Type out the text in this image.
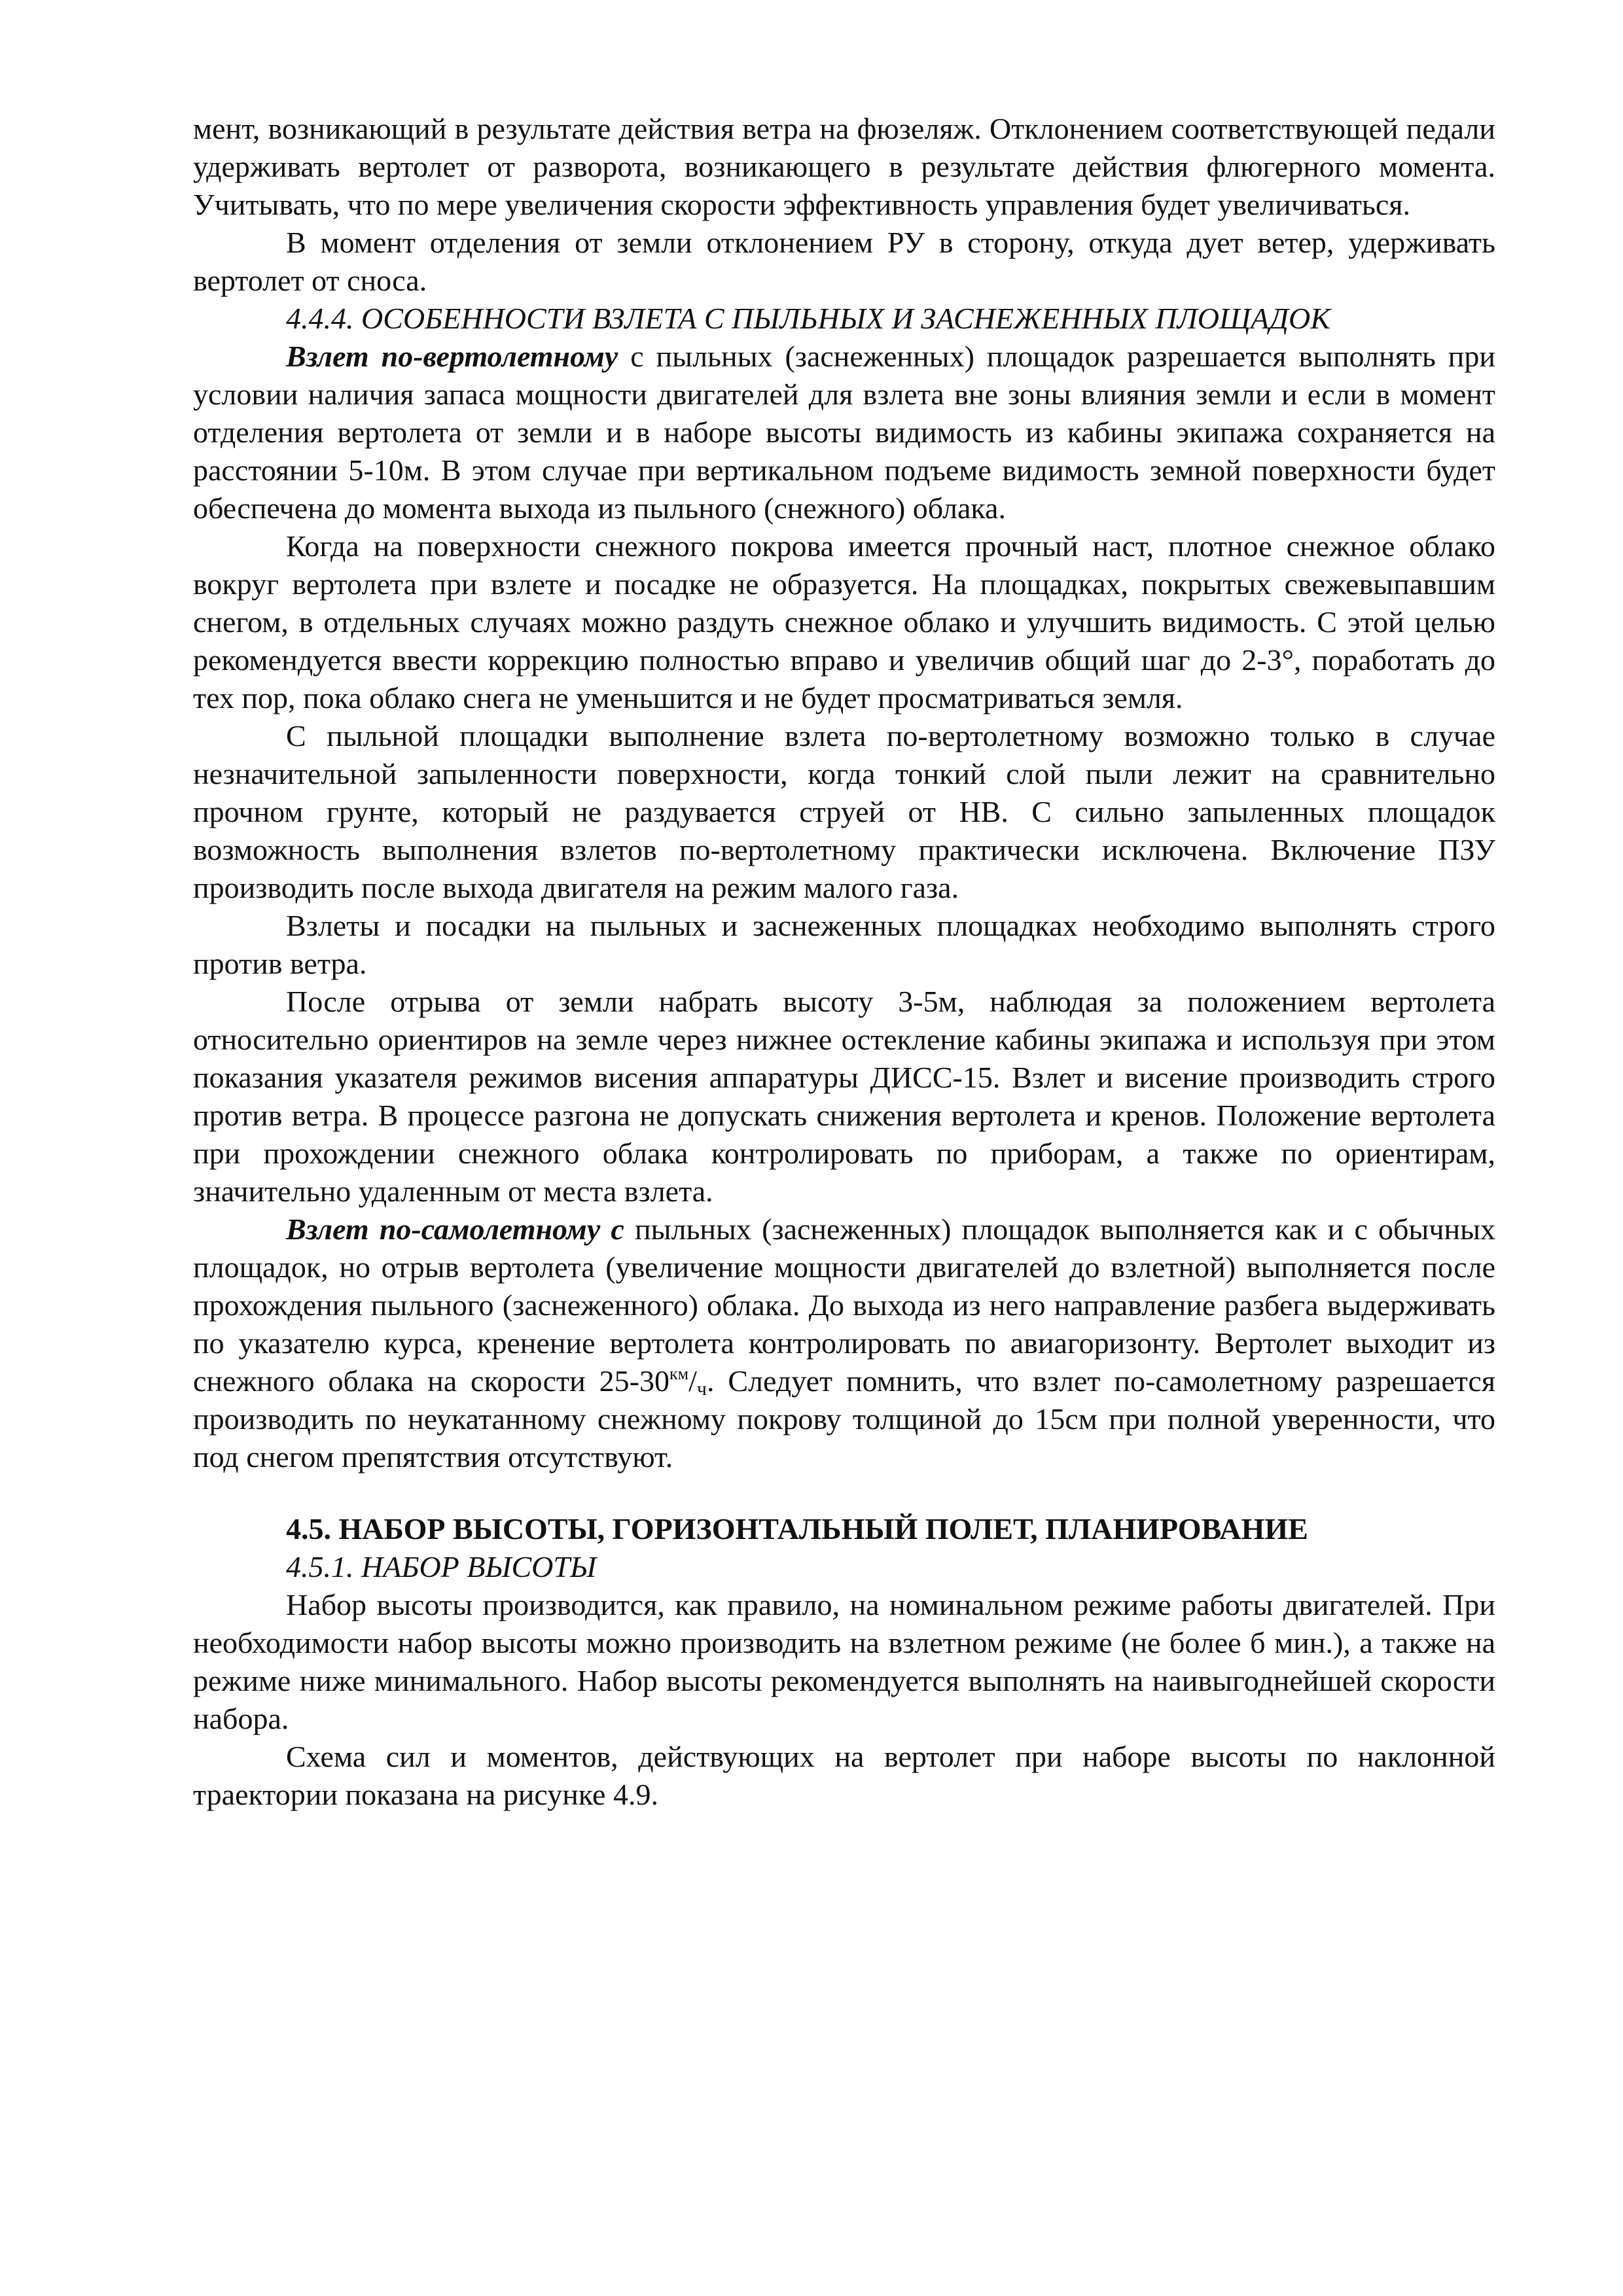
мент, возникающий в результате действия ветра на фюзеляж. Отклонением соответствующей педали удерживать вертолет от разворота, возникающего в результате действия флюгерного момента. Учитывать, что по мере увеличения скорости эффективность управления будет увеличиваться.

В момент отделения от земли отклонением РУ в сторону, откуда дует ветер, удерживать вертолет от сноса.

4.4.4. ОСОБЕННОСТИ ВЗЛЕТА С ПЫЛЬНЫХ И ЗАСНЕЖЕННЫХ ПЛОЩАДОК

Взлет по-вертолетному с пыльных (заснеженных) площадок разрешается выполнять при условии наличия запаса мощности двигателей для взлета вне зоны влияния земли и если в момент отделения вертолета от земли и в наборе высоты видимость из кабины экипажа сохраняется на расстоянии 5-10м. В этом случае при вертикальном подъеме видимость земной поверхности будет обеспечена до момента выхода из пыльного (снежного) облака.

Когда на поверхности снежного покрова имеется прочный наст, плотное снежное облако вокруг вертолета при взлете и посадке не образуется. На площадках, покрытых свежевыпавшим снегом, в отдельных случаях можно раздуть снежное облако и улучшить видимость. С этой целью рекомендуется ввести коррекцию полностью вправо и увеличив общий шаг до 2-3°, поработать до тех пор, пока облако снега не уменьшится и не будет просматриваться земля.

С пыльной площадки выполнение взлета по-вертолетному возможно только в случае незначительной запыленности поверхности, когда тонкий слой пыли лежит на сравнительно прочном грунте, который не раздувается струей от НВ. С сильно запыленных площадок возможность выполнения взлетов по-вертолетному практически исключена. Включение ПЗУ производить после выхода двигателя на режим малого газа.

Взлеты и посадки на пыльных и заснеженных площадках необходимо выполнять строго против ветра.

После отрыва от земли набрать высоту 3-5м, наблюдая за положением вертолета относительно ориентиров на земле через нижнее остекление кабины экипажа и используя при этом показания указателя режимов висения аппаратуры ДИСС-15. Взлет и висение производить строго против ветра. В процессе разгона не допускать снижения вертолета и кренов. Положение вертолета при прохождении снежного облака контролировать по приборам, а также по ориентирам, значительно удаленным от места взлета.

Взлет по-самолетному с пыльных (заснеженных) площадок выполняется как и с обычных площадок, но отрыв вертолета (увеличение мощности двигателей до взлетной) выполняется после прохождения пыльного (заснеженного) облака. До выхода из него направление разбега выдерживать по указателю курса, кренение вертолета контролировать по авиагоризонту. Вертолет выходит из снежного облака на скорости $25-30^{км}/_ч$. Следует помнить, что взлет по-самолетному разрешается производить по неукатанному снежному покрову толщиной до 15см при полной уверенности, что под снегом препятствия отсутствуют.

4.5. НАБОР ВЫСОТЫ, ГОРИЗОНТАЛЬНЫЙ ПОЛЕТ, ПЛАНИРОВАНИЕ

4.5.1. НАБОР ВЫСОТЫ

Набор высоты производится, как правило, на номинальном режиме работы двигателей. При необходимости набор высоты можно производить на взлетном режиме (не более б мин.), а также на режиме ниже минимального. Набор высоты рекомендуется выполнять на наивыгоднейшей скорости набора.

Схема сил и моментов, действующих на вертолет при наборе высоты по наклонной траектории показана на рисунке 4.9.
